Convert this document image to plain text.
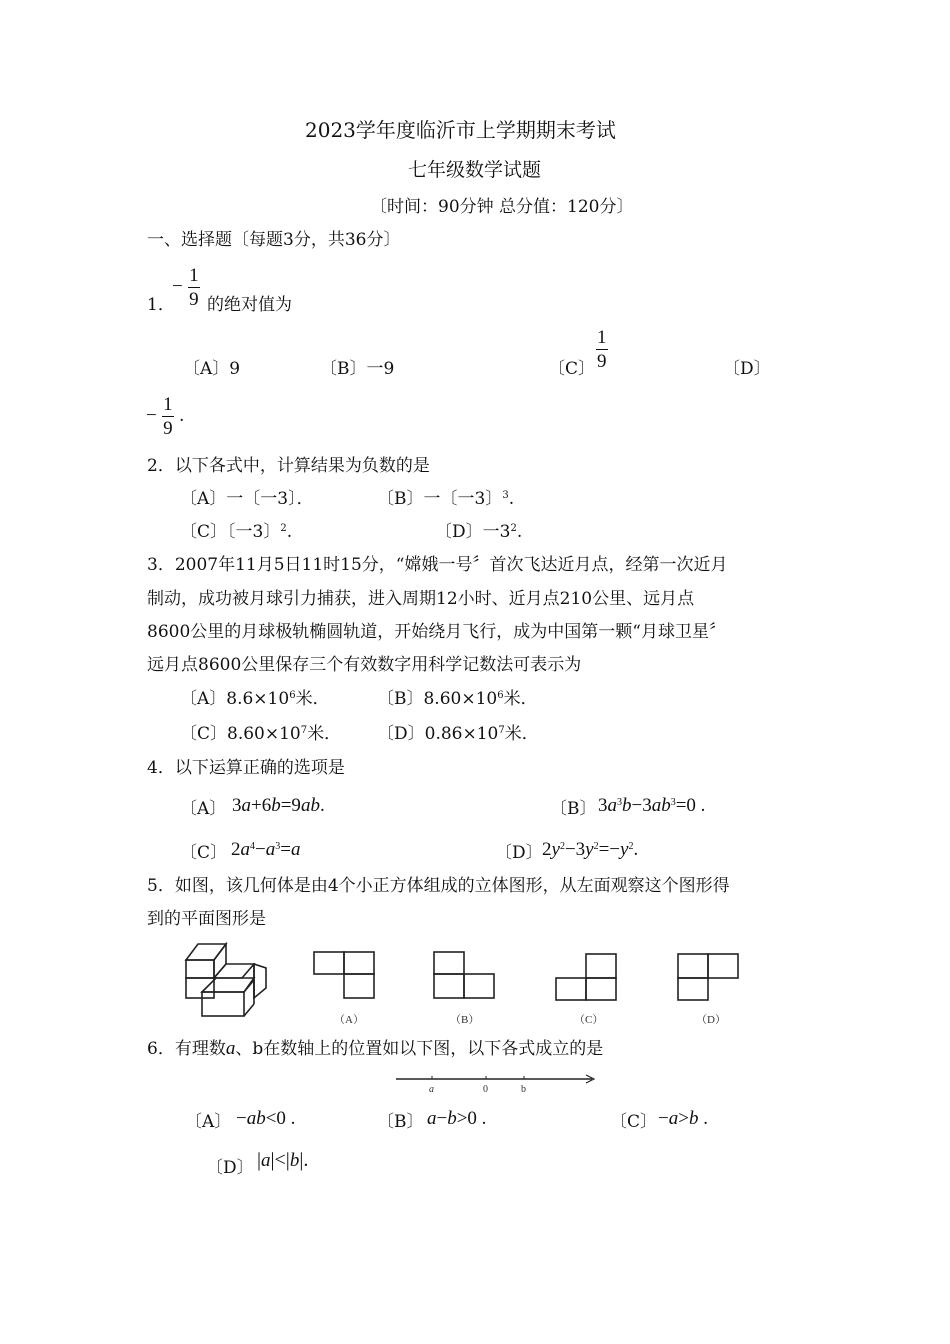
2023学年度临沂市上学期期末考试
七年级数学试题
〔时间：90分钟 总分值：120分〕
一、选择题〔每题3分，共36分〕
− $\frac{1}{9}$
1． 的绝对值为
〔A〕9	〔B〕一9	〔C〕 $\frac{1}{9}$	〔D〕
− $\frac{1}{9}$ .
2．以下各式中，计算结果为负数的是
〔A〕一〔一3〕．	〔B〕一〔一3〕$^3$.
〔C〕〔一3〕$^2$.	〔D〕一$3^2$.
3．2007年11月5日11时15分，“嫦娥一号〞首次飞达近月点，经第一次近月
制动，成功被月球引力捕获，进入周期12小时、近月点210公里、远月点
8600公里的月球极轨椭圆轨道，开始绕月飞行，成为中国第一颗“月球卫星〞
远月点8600公里保存三个有效数字用科学记数法可表示为
〔A〕$8.6\times 10^6$米．	〔B〕$8.60\times 10^6$米．
〔C〕$8.60\times 10^7$米． 〔D〕$0.86\times 10^7$米．
4．以下运算正确的选项是
〔A〕 3a+6b=9ab.	〔B〕 $3a^3b-3ab^3=0$ .
〔C〕 $2a^4-a^3=a$	〔D〕 $2y^2-3y^2=-y^2$.
5．如图，该几何体是由4个小正方体组成的立体图形，从左面观察这个图形得
到的平面图形是
（A）	（B）	（C）	（D）
6．有理数a、b在数轴上的位置如以下图，以下各式成立的是
a	0	b
〔A〕 −ab<0 .	〔B〕 a−b>0 .	〔C〕 −a>b .
〔D〕 |a|<|b|.
